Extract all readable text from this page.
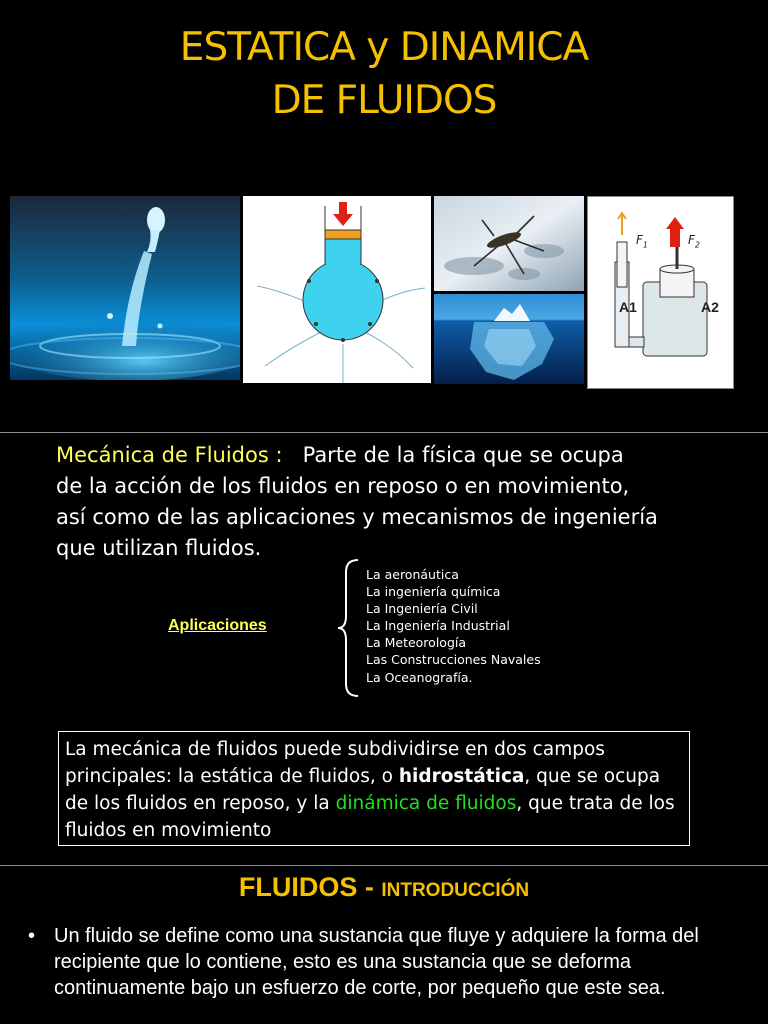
ESTATICA y DINAMICA
DE FLUIDOS
$F_1$	$F_2$
A1	A2
Mecánica de Fluidos : Parte de la física que se ocupa
de la acción de los fluidos en reposo o en movimiento,
así como de las aplicaciones y mecanismos de ingeniería
que utilizan fluidos.
Aplicaciones
La aeronáutica
La ingeniería química
La Ingeniería Civil
La Ingeniería Industrial
La Meteorología
Las Construcciones Navales
La Oceanografía.
La mecánica de fluidos puede subdividirse en dos campos principales: la estática de fluidos, o hidrostática, que se ocupa de los fluidos en reposo, y la dinámica de fluidos, que trata de los fluidos en movimiento
FLUIDOS - INTRODUCCIÓN
• Un fluido se define como una sustancia que fluye y adquiere la forma del recipiente que lo contiene, esto es una sustancia que se deforma continuamente bajo un esfuerzo de corte, por pequeño que este sea.
